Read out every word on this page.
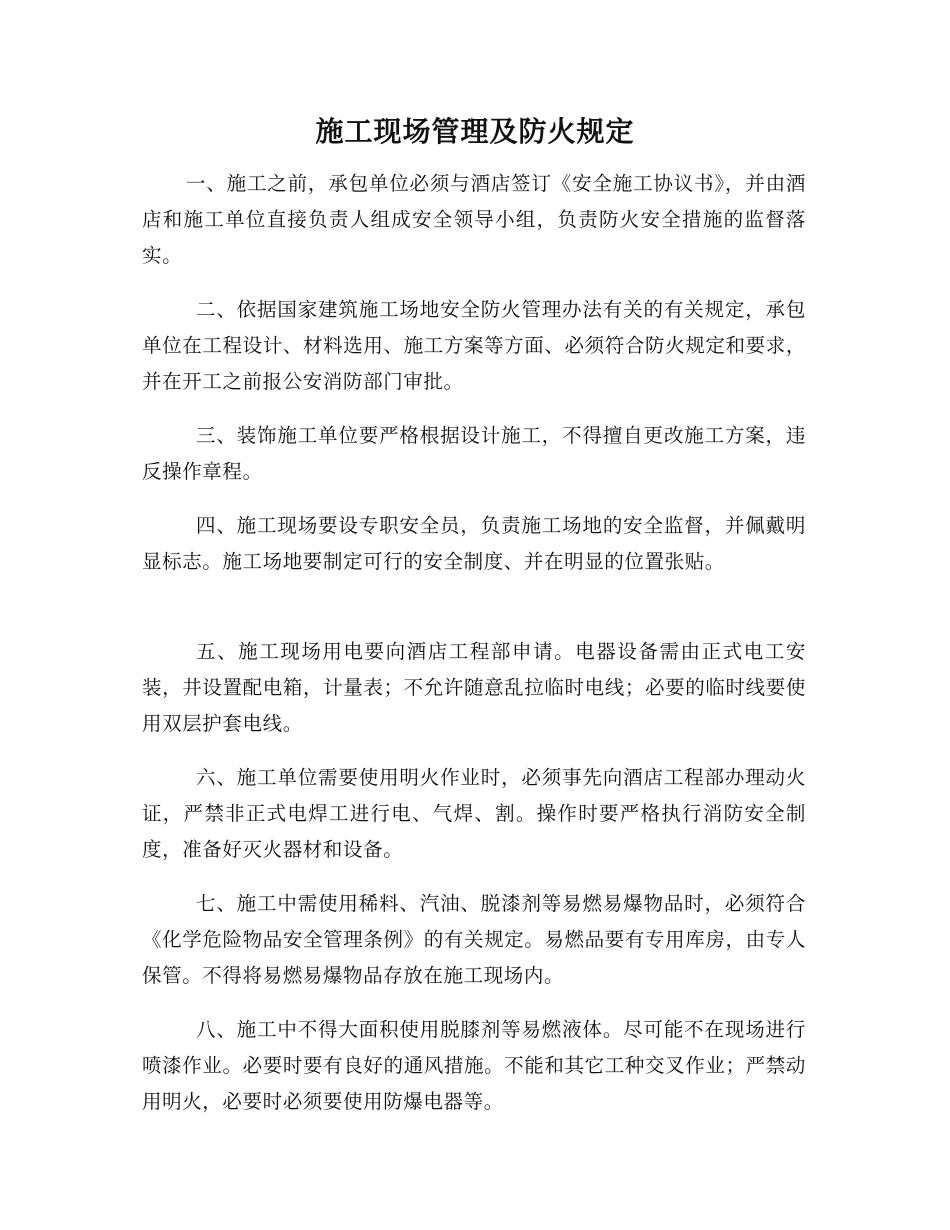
施工现场管理及防火规定

一、施工之前，承包单位必须与酒店签订《安全施工协议书》，并由酒店和施工单位直接负责人组成安全领导小组，负责防火安全措施的监督落实。

二、依据国家建筑施工场地安全防火管理办法有关的有关规定，承包单位在工程设计、材料选用、施工方案等方面、必须符合防火规定和要求，并在开工之前报公安消防部门审批。

三、装饰施工单位要严格根据设计施工，不得擅自更改施工方案，违反操作章程。

四、施工现场要设专职安全员，负责施工场地的安全监督，并佩戴明显标志。施工场地要制定可行的安全制度、并在明显的位置张贴。

五、施工现场用电要向酒店工程部申请。电器设备需由正式电工安装，井设置配电箱，计量表；不允许随意乱拉临时电线；必要的临时线要使用双层护套电线。

六、施工单位需要使用明火作业时，必须事先向酒店工程部办理动火证，严禁非正式电焊工进行电、气焊、割。操作时要严格执行消防安全制度，准备好灭火器材和设备。

七、施工中需使用稀料、汽油、脱漆剂等易燃易爆物品时，必须符合《化学危险物品安全管理条例》的有关规定。易燃品要有专用库房，由专人保管。不得将易燃易爆物品存放在施工现场内。

八、施工中不得大面积使用脱膝剂等易燃液体。尽可能不在现场进行喷漆作业。必要时要有良好的通风措施。不能和其它工种交叉作业；严禁动用明火，必要时必须要使用防爆电器等。
